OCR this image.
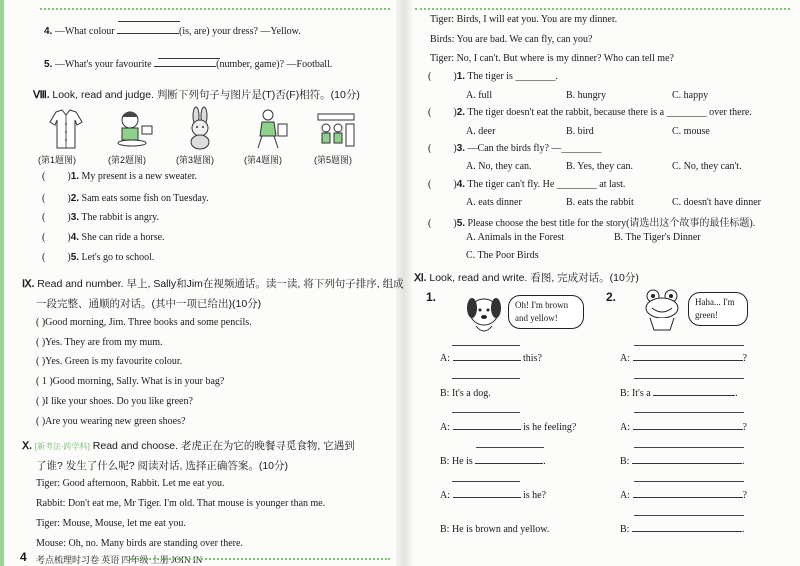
4. —What colour	(is, are) your dress? —Yellow.
5. —What's your favourite	(number, game)? —Football.
Ⅷ. Look, read and judge. 判断下列句子与图片是(T)否(F)相符。(10分)
(第1题图)	(第2题图)	(第3题图)	(第4题图)	(第5题图)
( )1. My present is a new sweater.
( )2. Sam eats some fish on Tuesday.
( )3. The rabbit is angry.
( )4. She can ride a horse.
( )5. Let's go to school.
Ⅸ. Read and number. 早上, Sally和Jim在视频通话。读一读, 将下列句子排序, 组成
一段完整、通顺的对话。(其中一项已给出)(10分)
( )Good morning, Jim. Three books and some pencils.
( )Yes. They are from my mum.
( )Yes. Green is my favourite colour.
( 1 )Good morning, Sally. What is in your bag?
( )I like your shoes. Do you like green?
( )Are you wearing new green shoes?
Ⅹ. [新考法·跨学科] Read and choose. 老虎正在为它的晚餐寻觅食物, 它遇到
了谁? 发生了什么呢? 阅读对话, 选择正确答案。(10分)
Tiger: Good afternoon, Rabbit. Let me eat you.
Rabbit: Don't eat me, Mr Tiger. I'm old. That mouse is younger than me.
Tiger: Mouse, Mouse, let me eat you.
Mouse: Oh, no. Many birds are standing over there.
4 考点梳理时习卷 英语 四年级 上册 JOIN IN
Tiger: Birds, I will eat you. You are my dinner.
Birds: You are bad. We can fly, can you?
Tiger: No, I can't. But where is my dinner? Who can tell me?
( )1. The tiger is ________.
A. full	B. hungry	C. happy
( )2. The tiger doesn't eat the rabbit, because there is a ________ over there.
A. deer	B. bird	C. mouse
( )3. —Can the birds fly? —________
A. No, they can.	B. Yes, they can.	C. No, they can't.
( )4. The tiger can't fly. He ________ at last.
A. eats dinner	B. eats the rabbit	C. doesn't have dinner
( )5. Please choose the best title for the story(请选出这个故事的最佳标题).
A. Animals in the Forest	B. The Tiger's Dinner
C. The Poor Birds
Ⅺ. Look, read and write. 看图, 完成对话。(10分)
1.
Oh! I'm brown and yellow!
2.	Haha... I'm green!
A:	this?
B: It's a dog.
A:	is he feeling?
B: He is	.
A:	is he?
B: He is brown and yellow.
A:	?
B: It's a	.
A:	?
B:	.
A:	?
B:	.
